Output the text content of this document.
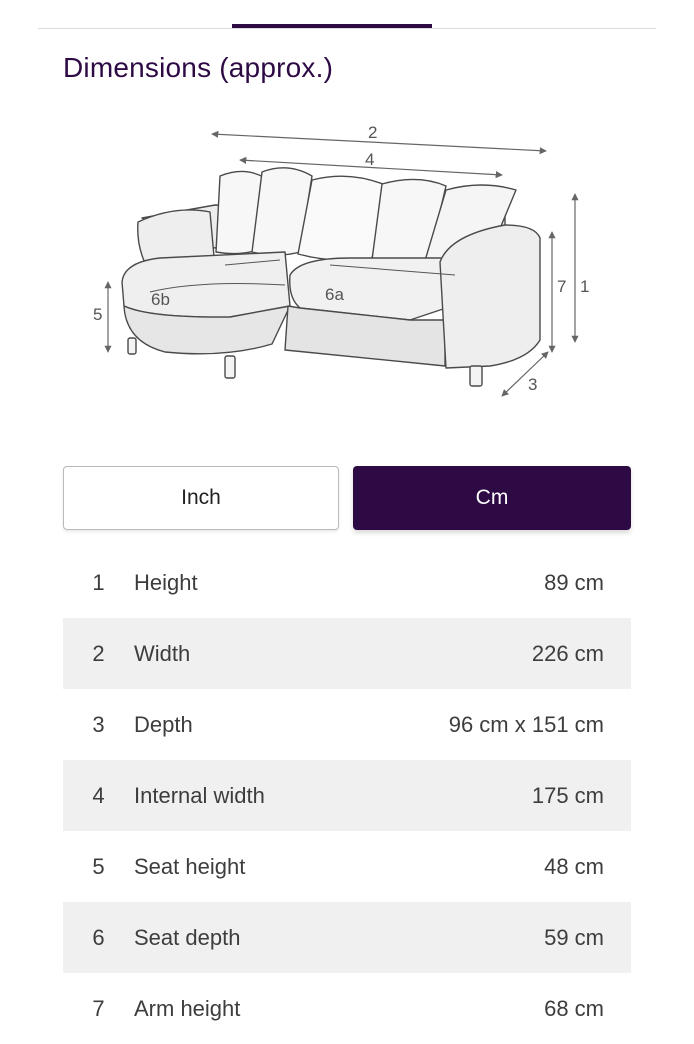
Dimensions (approx.)
2
4
1
7
3
5
6a
6b
Inch	Cm
1	Height	89 cm
2	Width	226 cm
3	Depth	96 cm x 151 cm
4	Internal width	175 cm
5	Seat height	48 cm
6	Seat depth	59 cm
7	Arm height	68 cm
